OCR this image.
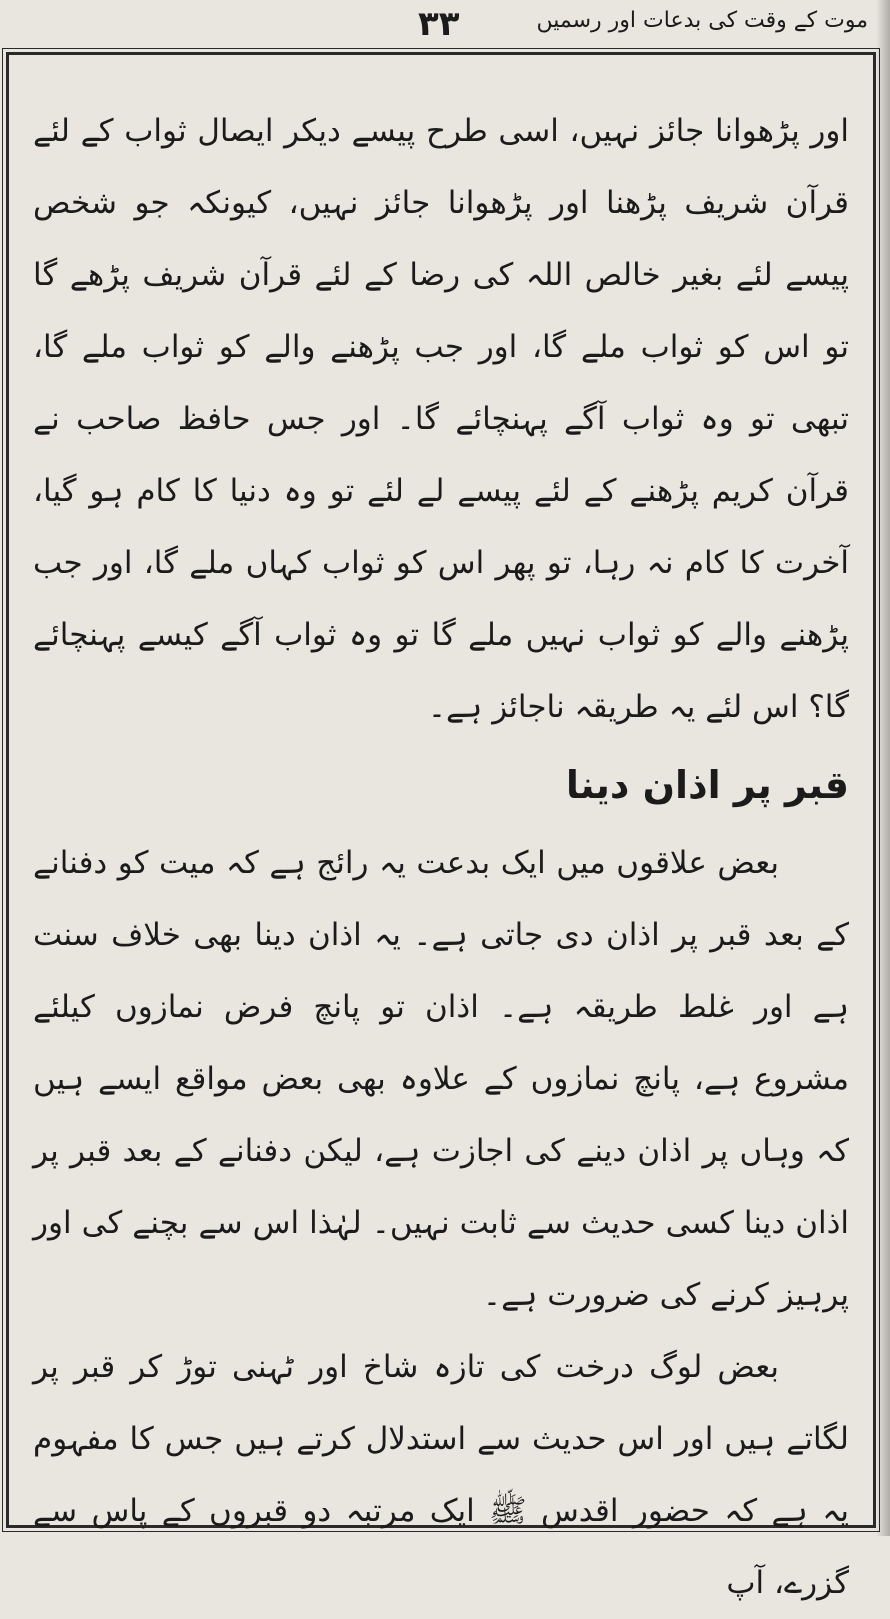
۳۳	موت کے وقت کی بدعات اور رسمیں

اور پڑھوانا جائز نہیں، اسی طرح پیسے دیکر ایصال ثواب کے لئے قرآن شریف پڑھنا اور پڑھوانا جائز نہیں، کیونکہ جو شخص پیسے لئے بغیر خالص اللہ کی رضا کے لئے قرآن شریف پڑھے گا تو اس کو ثواب ملے گا، اور جب پڑھنے والے کو ثواب ملے گا، تبھی تو وہ ثواب آگے پہنچائے گا۔ اور جس حافظ صاحب نے قرآن کریم پڑھنے کے لئے پیسے لے لئے تو وہ دنیا کا کام ہو گیا، آخرت کا کام نہ رہا، تو پھر اس کو ثواب کہاں ملے گا، اور جب پڑھنے والے کو ثواب نہیں ملے گا تو وہ ثواب آگے کیسے پہنچائے گا؟ اس لئے یہ طریقہ ناجائز ہے۔

قبر پر اذان دینا

بعض علاقوں میں ایک بدعت یہ رائج ہے کہ میت کو دفنانے کے بعد قبر پر اذان دی جاتی ہے۔ یہ اذان دینا بھی خلاف سنت ہے اور غلط طریقہ ہے۔ اذان تو پانچ فرض نمازوں کیلئے مشروع ہے، پانچ نمازوں کے علاوہ بھی بعض مواقع ایسے ہیں کہ وہاں پر اذان دینے کی اجازت ہے، لیکن دفنانے کے بعد قبر پر اذان دینا کسی حدیث سے ثابت نہیں۔ لہٰذا اس سے بچنے کی اور پرہیز کرنے کی ضرورت ہے۔

بعض لوگ درخت کی تازہ شاخ اور ٹہنی توڑ کر قبر پر لگاتے ہیں اور اس حدیث سے استدلال کرتے ہیں جس کا مفہوم یہ ہے کہ حضور اقدس ﷺ ایک مرتبہ دو قبروں کے پاس سے گزرے، آپ
